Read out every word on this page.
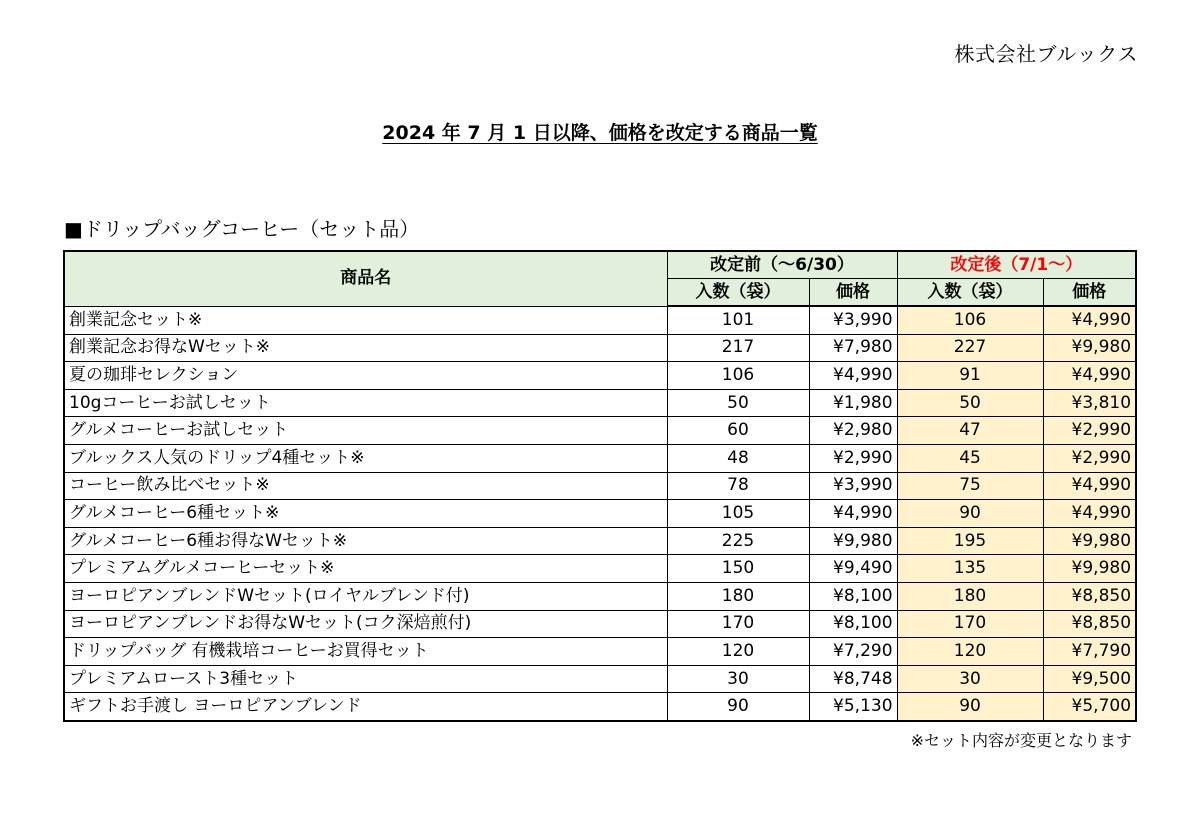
株式会社ブルックス
2024 年 7 月 1 日以降、価格を改定する商品一覧
■ドリップバッグコーヒー（セット品）
商品名	改定前（～6/30）		改定後（7/1～）	
	入数（袋）	価格	入数（袋）	価格
創業記念セット※	101	¥3,990	106	¥4,990
創業記念お得なWセット※	217	¥7,980	227	¥9,980
夏の珈琲セレクション	106	¥4,990	91	¥4,990
10gコーヒーお試しセット	50	¥1,980	50	¥3,810
グルメコーヒーお試しセット	60	¥2,980	47	¥2,990
ブルックス人気のドリップ4種セット※	48	¥2,990	45	¥2,990
コーヒー飲み比べセット※	78	¥3,990	75	¥4,990
グルメコーヒー6種セット※	105	¥4,990	90	¥4,990
グルメコーヒー6種お得なWセット※	225	¥9,980	195	¥9,980
プレミアムグルメコーヒーセット※	150	¥9,490	135	¥9,980
ヨーロピアンブレンドWセット(ロイヤルブレンド付)	180	¥8,100	180	¥8,850
ヨーロピアンブレンドお得なWセット(コク深焙煎付)	170	¥8,100	170	¥8,850
ドリップバッグ 有機栽培コーヒーお買得セット	120	¥7,290	120	¥7,790
プレミアムロースト3種セット	30	¥8,748	30	¥9,500
ギフトお手渡し ヨーロピアンブレンド	90	¥5,130	90	¥5,700
※セット内容が変更となります
